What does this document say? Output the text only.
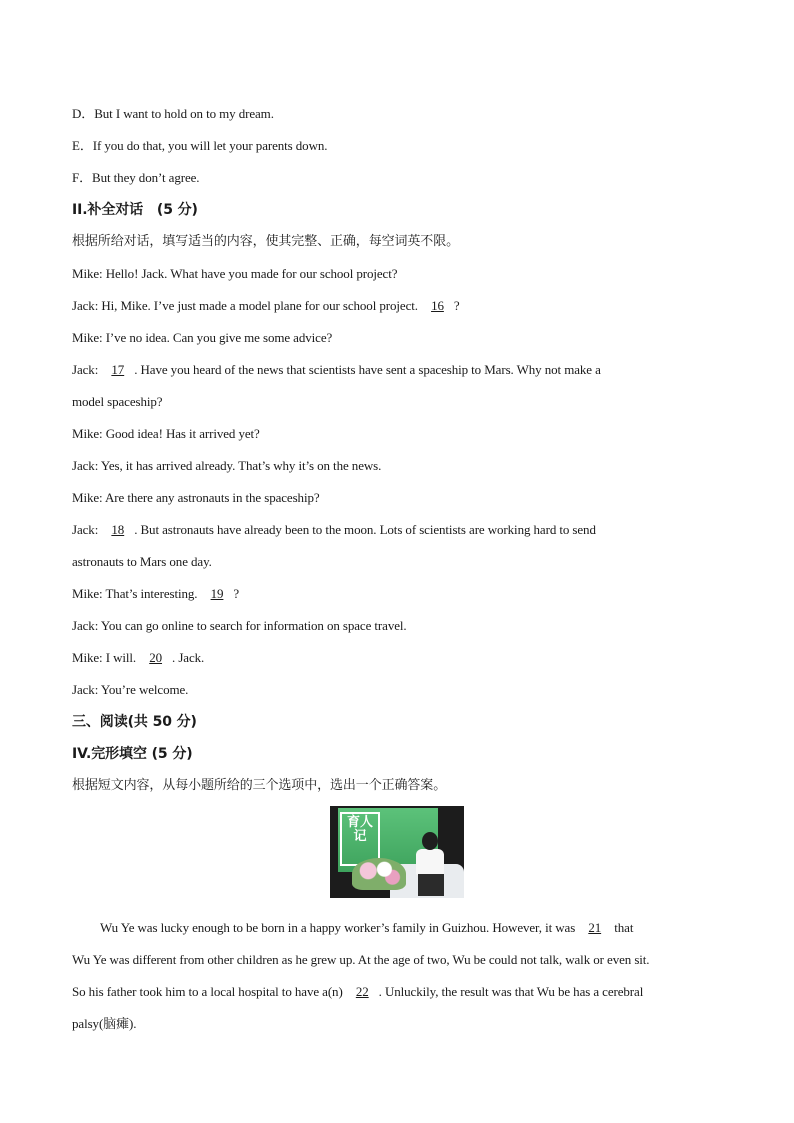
D．But I want to hold on to my dream.
E．If you do that, you will let your parents down.
F．But they don’t agree.
II.补全对话　(5 分)
根据所给对话，填写适当的内容，使其完整、正确，每空词英不限。
Mike: Hello! Jack. What have you made for our school project?
Jack: Hi, Mike. I’ve just made a model plane for our school project. 16 ?
Mike: I’ve no idea. Can you give me some advice?
Jack: 17 . Have you heard of the news that scientists have sent a spaceship to Mars. Why not make a
model spaceship?
Mike: Good idea! Has it arrived yet?
Jack: Yes, it has arrived already. That’s why it’s on the news.
Mike: Are there any astronauts in the spaceship?
Jack: 18 . But astronauts have already been to the moon. Lots of scientists are working hard to send
astronauts to Mars one day.
Mike: That’s interesting. 19 ?
Jack: You can go online to search for information on space travel.
Mike: I will. 20 . Jack.
Jack: You’re welcome.
三、阅读(共 50 分)
IV.完形填空 (5 分)
根据短文内容，从每小题所给的三个选项中，选出一个正确答案。
育人记
Wu Ye was lucky enough to be born in a happy worker’s family in Guizhou. However, it was 21 that
Wu Ye was different from other children as he grew up. At the age of two, Wu be could not talk, walk or even sit.
So his father took him to a local hospital to have a(n) 22 . Unluckily, the result was that Wu be has a cerebral
palsy(脑瘫).
